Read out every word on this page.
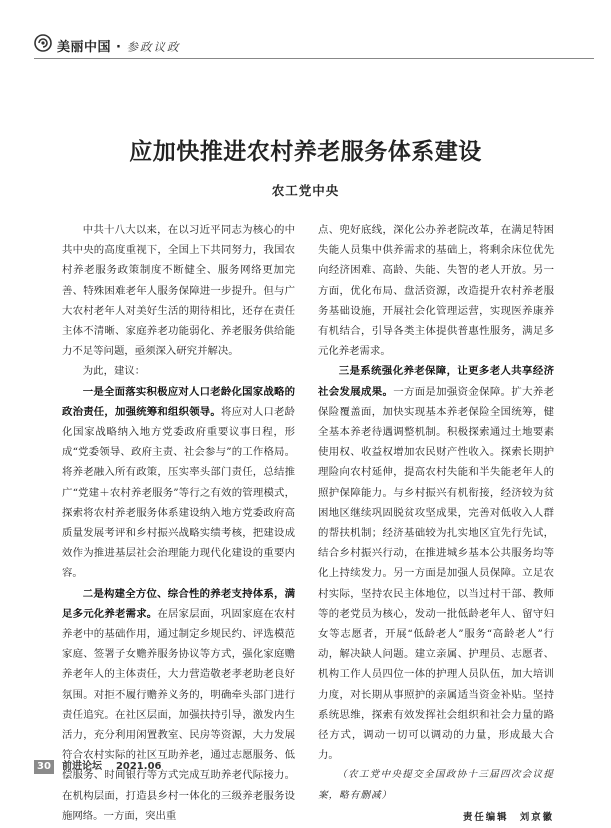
美丽中国 · 参政议政
应加快推进农村养老服务体系建设
农工党中央

中共十八大以来，在以习近平同志为核心的中共中央的高度重视下，全国上下共同努力，我国农村养老服务政策制度不断健全、服务网络更加完善、特殊困难老年人服务保障进一步提升。但与广大农村老年人对美好生活的期待相比，还存在责任主体不清晰、家庭养老功能弱化、养老服务供给能力不足等问题，亟须深入研究并解决。

为此，建议：

一是全面落实积极应对人口老龄化国家战略的政治责任，加强统筹和组织领导。将应对人口老龄化国家战略纳入地方党委政府重要议事日程，形成“党委领导、政府主责、社会参与”的工作格局。将养老融入所有政策，压实率头部门责任，总结推广“党建＋农村养老服务”等行之有效的管理模式，探索将农村养老服务体系建设纳入地方党委政府高质量发展考评和乡村振兴战略实绩考核，把建设成效作为推进基层社会治理能力现代化建设的重要内容。

二是构建全方位、综合性的养老支持体系，满足多元化养老需求。在居家层面，巩固家庭在农村养老中的基础作用，通过制定乡规民约、评选模范家庭、签署子女赡养服务协议等方式，强化家庭赡养老年人的主体责任，大力营造敬老孝老助老良好氛围。对拒不履行赡养义务的，明确牵头部门进行责任追究。在社区层面，加强扶持引导，激发内生活力，充分利用闲置教室、民房等资源，大力发展符合农村实际的社区互助养老，通过志愿服务、低偿服务、时间银行等方式完成互助养老代际接力。在机构层面，打造县乡村一体化的三级养老服务设施网络。一方面，突出重

点、兜好底线，深化公办养老院改革，在满足特困失能人员集中供养需求的基础上，将剩余床位优先向经济困难、高龄、失能、失智的老人开放。另一方面，优化布局、盘活资源，改造提升农村养老服务基础设施，开展社会化管理运营，实现医养康养有机结合，引导各类主体提供普惠性服务，满足多元化养老需求。

三是系统强化养老保障，让更多老人共享经济社会发展成果。一方面是加强资金保障。扩大养老保险覆盖面，加快实现基本养老保险全国统筹，健全基本养老待遇调整机制。积极探索通过土地要素使用权、收益权增加农民财产性收入。探索长期护理险向农村延伸，提高农村失能和半失能老年人的照护保障能力。与乡村振兴有机衔接，经济较为贫困地区继续巩固脱贫攻坚成果，完善对低收入人群的帮扶机制；经济基础较为扎实地区宜先行先试，结合乡村振兴行动，在推进城乡基本公共服务均等化上持续发力。另一方面是加强人员保障。立足农村实际，坚持农民主体地位，以当过村干部、教师等的老党员为核心，发动一批低龄老年人、留守妇女等志愿者，开展“低龄老人”服务“高龄老人”行动，解决缺人问题。建立亲属、护理员、志愿者、机构工作人员四位一体的护理人员队伍，加大培训力度，对长期从事照护的亲属适当资金补贴。坚持系统思维，探索有效发挥社会组织和社会力量的路径方式，调动一切可以调动的力量，形成最大合力。

（农工党中央提交全国政协十三届四次会议提案，略有删减）

责任编辑　刘京徽
30	前进论坛 2021.06
